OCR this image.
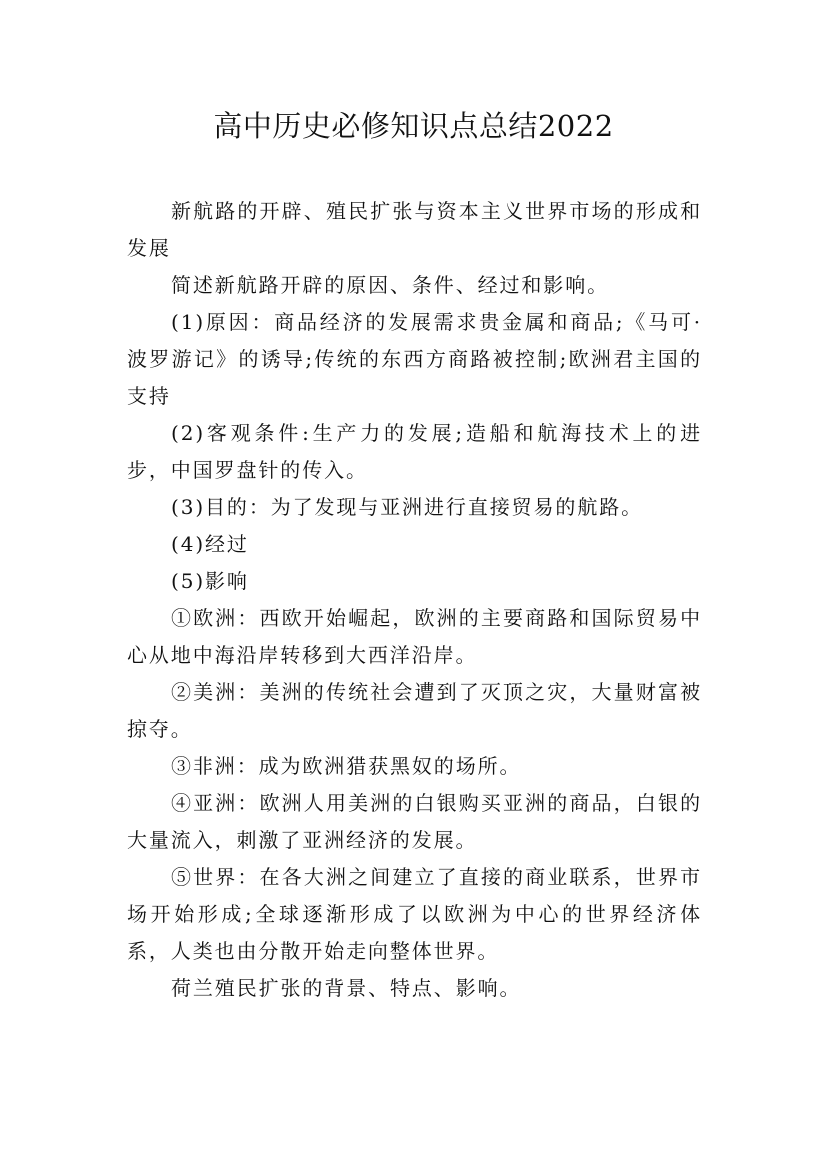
高中历史必修知识点总结2022

新航路的开辟、殖民扩张与资本主义世界市场的形成和发展

简述新航路开辟的原因、条件、经过和影响。

(1)原因：商品经济的发展需求贵金属和商品;《马可·波罗游记》的诱导;传统的东西方商路被控制;欧洲君主国的支持

(2)客观条件:生产力的发展;造船和航海技术上的进步，中国罗盘针的传入。

(3)目的：为了发现与亚洲进行直接贸易的航路。

(4)经过

(5)影响

①欧洲：西欧开始崛起，欧洲的主要商路和国际贸易中心从地中海沿岸转移到大西洋沿岸。

②美洲：美洲的传统社会遭到了灭顶之灾，大量财富被掠夺。

③非洲：成为欧洲猎获黑奴的场所。

④亚洲：欧洲人用美洲的白银购买亚洲的商品，白银的大量流入，刺激了亚洲经济的发展。

⑤世界：在各大洲之间建立了直接的商业联系，世界市场开始形成;全球逐渐形成了以欧洲为中心的世界经济体系，人类也由分散开始走向整体世界。

荷兰殖民扩张的背景、特点、影响。
